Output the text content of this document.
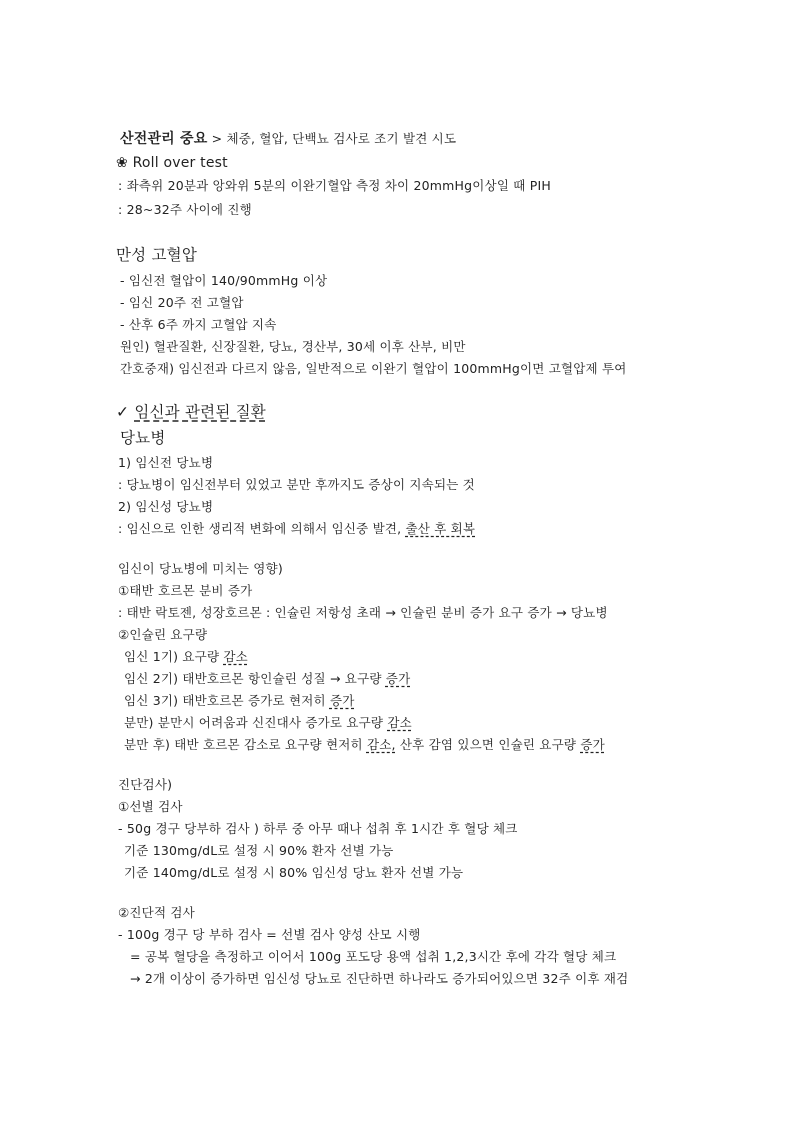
산전관리 중요 > 체중, 혈압, 단백뇨 검사로 조기 발견 시도
❀ Roll over test
: 좌측위 20분과 앙와위 5분의 이완기혈압 측정 차이 20mmHg이상일 때 PIH
: 28~32주 사이에 진행
만성 고혈압
- 임신전 혈압이 140/90mmHg 이상
- 임신 20주 전 고혈압
- 산후 6주 까지 고혈압 지속
원인) 혈관질환, 신장질환, 당뇨, 경산부, 30세 이후 산부, 비만
간호중재) 임신전과 다르지 않음, 일반적으로 이완기 혈압이 100mmHg이면 고혈압제 투여
✓ 임신과 관련된 질환
당뇨병
1) 임신전 당뇨병
: 당뇨병이 임신전부터 있었고 분만 후까지도 증상이 지속되는 것
2) 임신성 당뇨병
: 임신으로 인한 생리적 변화에 의해서 임신중 발견, 출산 후 회복
임신이 당뇨병에 미치는 영향)
①태반 호르몬 분비 증가
: 태반 락토젠, 성장호르몬 : 인슐린 저항성 초래 → 인슐린 분비 증가 요구 증가 → 당뇨병
②인슐린 요구량
임신 1기) 요구량 감소
임신 2기) 태반호르몬 항인슐린 성질 → 요구량 증가
임신 3기) 태반호르몬 증가로 현저히 증가
분만) 분만시 어려움과 신진대사 증가로 요구량 감소
분만 후) 태반 호르몬 감소로 요구량 현저히 감소, 산후 감염 있으면 인슐린 요구량 증가
진단검사)
①선별 검사
- 50g 경구 당부하 검사 ) 하루 중 아무 때나 섭취 후 1시간 후 혈당 체크
기준 130mg/dL로 설정 시 90% 환자 선별 가능
기준 140mg/dL로 설정 시 80% 임신성 당뇨 환자 선별 가능
②진단적 검사
- 100g 경구 당 부하 검사 = 선별 검사 양성 산모 시행
= 공복 혈당을 측정하고 이어서 100g 포도당 용액 섭취 1,2,3시간 후에 각각 혈당 체크
→ 2개 이상이 증가하면 임신성 당뇨로 진단하면 하나라도 증가되어있으면 32주 이후 재검
